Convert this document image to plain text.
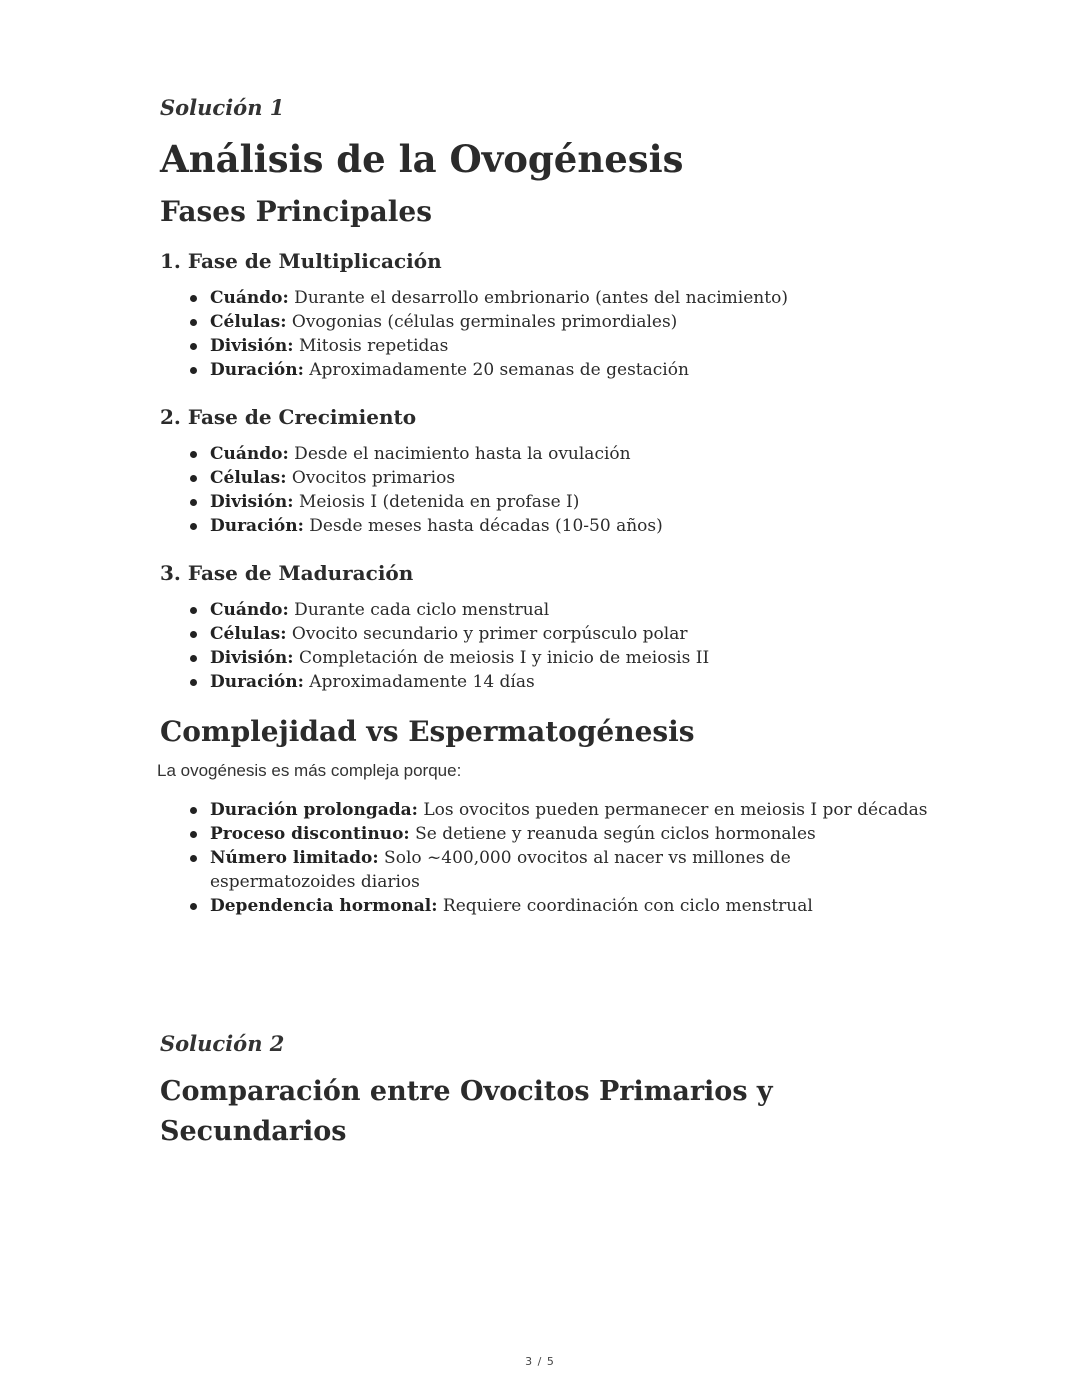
Solución 1

Análisis de la Ovogénesis
Fases Principales
1. Fase de Multiplicación
Cuándo: Durante el desarrollo embrionario (antes del nacimiento)
Células: Ovogonias (células germinales primordiales)
División: Mitosis repetidas
Duración: Aproximadamente 20 semanas de gestación
2. Fase de Crecimiento
Cuándo: Desde el nacimiento hasta la ovulación
Células: Ovocitos primarios
División: Meiosis I (detenida en profase I)
Duración: Desde meses hasta décadas (10-50 años)
3. Fase de Maduración
Cuándo: Durante cada ciclo menstrual
Células: Ovocito secundario y primer corpúsculo polar
División: Completación de meiosis I y inicio de meiosis II
Duración: Aproximadamente 14 días
Complejidad vs Espermatogénesis

La ovogénesis es más compleja porque:

Duración prolongada: Los ovocitos pueden permanecer en meiosis I por décadas
Proceso discontinuo: Se detiene y reanuda según ciclos hormonales
Número limitado: Solo ~400,000 ovocitos al nacer vs millones de espermatozoides diarios
Dependencia hormonal: Requiere coordinación con ciclo menstrual

Solución 2

Comparación entre Ovocitos Primarios y Secundarios
3 / 5
